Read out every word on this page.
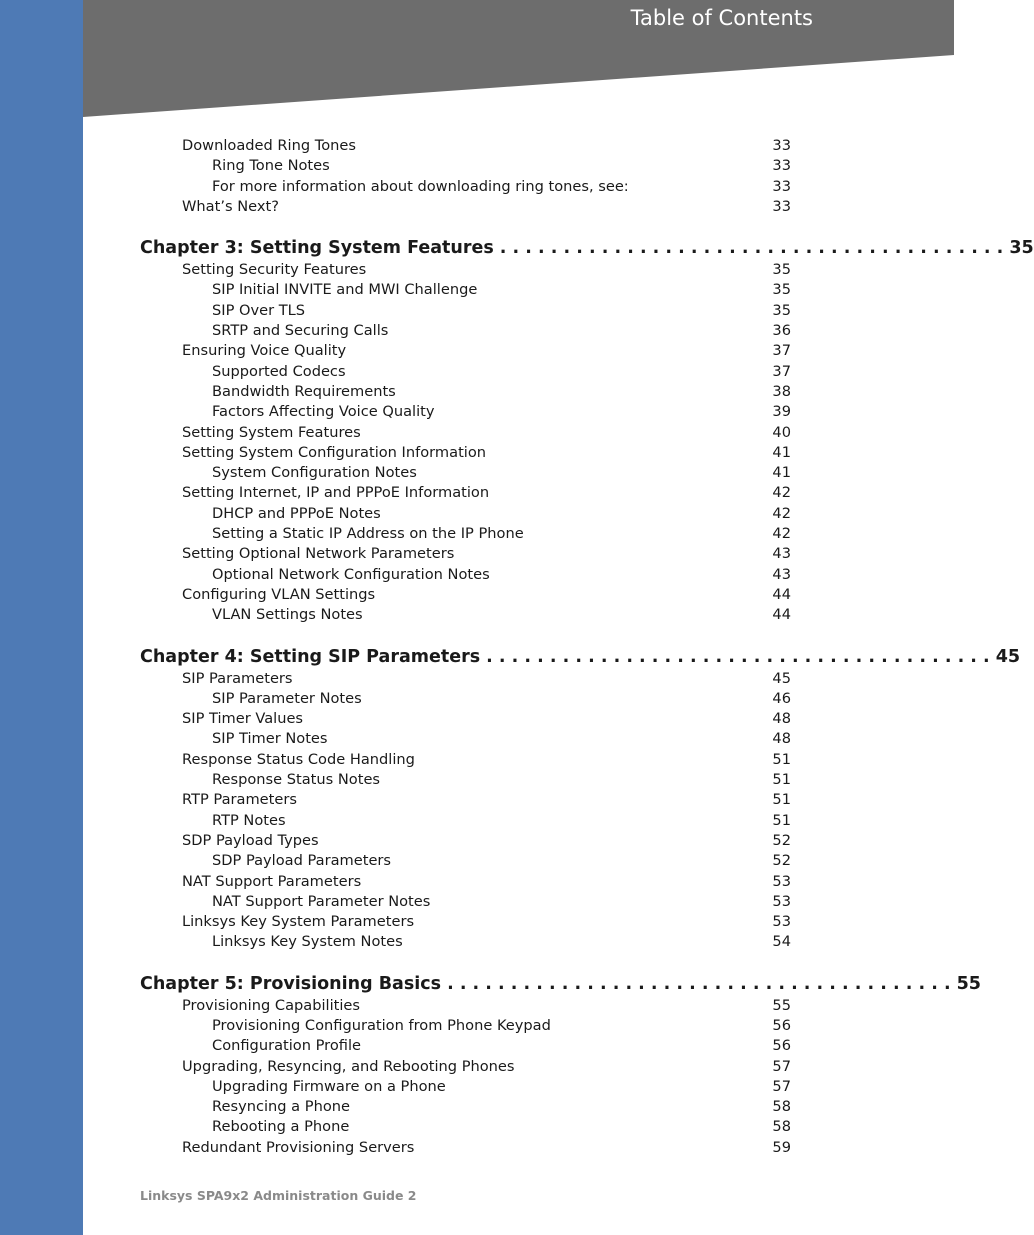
Table of Contents
Downloaded Ring Tones	33
Ring Tone Notes	33
For more information about downloading ring tones, see:	33
What’s Next?	33
Chapter 3: Setting System Features . . . . . . . . . . . . . . . . . . . . . . . . . . . . . . . . . . . . . . . . 35
Setting Security Features	35
SIP Initial INVITE and MWI Challenge	35
SIP Over TLS	35
SRTP and Securing Calls	36
Ensuring Voice Quality	37
Supported Codecs	37
Bandwidth Requirements	38
Factors Affecting Voice Quality	39
Setting System Features	40
Setting System Configuration Information	41
System Configuration Notes	41
Setting Internet, IP and PPPoE Information	42
DHCP and PPPoE Notes	42
Setting a Static IP Address on the IP Phone	42
Setting Optional Network Parameters	43
Optional Network Configuration Notes	43
Configuring VLAN Settings	44
VLAN Settings Notes	44
Chapter 4: Setting SIP Parameters . . . . . . . . . . . . . . . . . . . . . . . . . . . . . . . . . . . . . . . . 45
SIP Parameters	45
SIP Parameter Notes	46
SIP Timer Values	48
SIP Timer Notes	48
Response Status Code Handling	51
Response Status Notes	51
RTP Parameters	51
RTP Notes	51
SDP Payload Types	52
SDP Payload Parameters	52
NAT Support Parameters	53
NAT Support Parameter Notes	53
Linksys Key System Parameters	53
Linksys Key System Notes	54
Chapter 5: Provisioning Basics . . . . . . . . . . . . . . . . . . . . . . . . . . . . . . . . . . . . . . . . 55
Provisioning Capabilities	55
Provisioning Configuration from Phone Keypad	56
Configuration Profile	56
Upgrading, Resyncing, and Rebooting Phones	57
Upgrading Firmware on a Phone	57
Resyncing a Phone	58
Rebooting a Phone	58
Redundant Provisioning Servers	59
Linksys SPA9x2 Administration Guide 2
